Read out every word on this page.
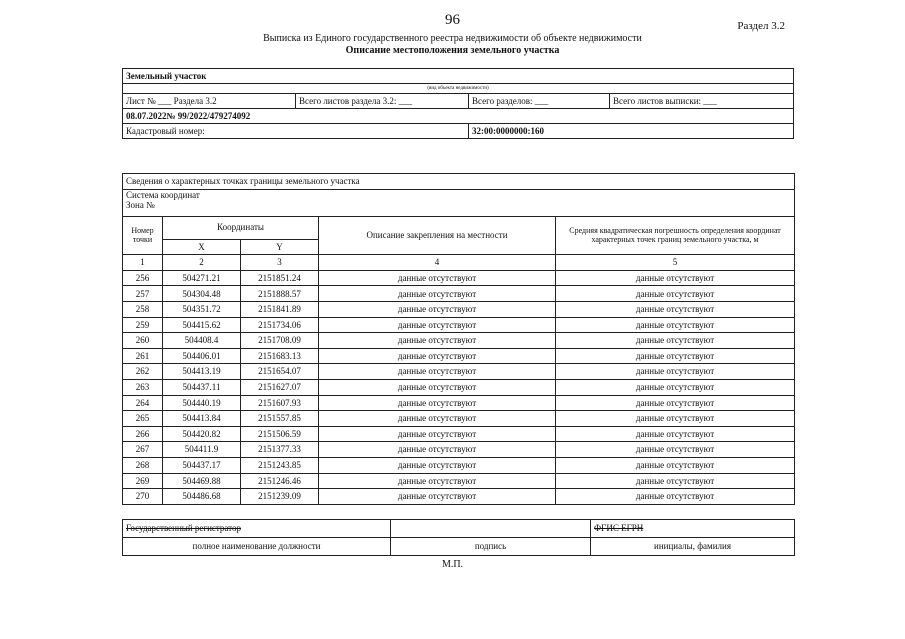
96	Раздел 3.2
Выписка из Единого государственного реестра недвижимости об объекте недвижимости
Описание местоположения земельного участка
Земельный участок			
(вид объекта недвижимости)			
Лист № ___ Раздела 3.2	Всего листов раздела 3.2: ___	Всего разделов: ___	Всего листов выписки: ___
08.07.2022№ 99/2022/479274092			
Кадастровый номер:		32:00:0000000:160	
Сведения о характерных точках границы земельного участка				

Система координат
Зона №				

Номер точки	Координаты		Описание закрепления на местности	Средняя квадратическая погрешность определения координат характерных точек границ земельного участка, м
	X	Y		
1	2	3	4	5
256	504271.21	2151851.24	данные отсутствуют	данные отсутствуют
257	504304.48	2151888.57	данные отсутствуют	данные отсутствуют
258	504351.72	2151841.89	данные отсутствуют	данные отсутствуют
259	504415.62	2151734.06	данные отсутствуют	данные отсутствуют
260	504408.4	2151708.09	данные отсутствуют	данные отсутствуют
261	504406.01	2151683.13	данные отсутствуют	данные отсутствуют
262	504413.19	2151654.07	данные отсутствуют	данные отсутствуют
263	504437.11	2151627.07	данные отсутствуют	данные отсутствуют
264	504440.19	2151607.93	данные отсутствуют	данные отсутствуют
265	504413.84	2151557.85	данные отсутствуют	данные отсутствуют
266	504420.82	2151506.59	данные отсутствуют	данные отсутствуют
267	504411.9	2151377.33	данные отсутствуют	данные отсутствуют
268	504437.17	2151243.85	данные отсутствуют	данные отсутствуют
269	504469.88	2151246.46	данные отсутствуют	данные отсутствуют
270	504486.68	2151239.09	данные отсутствуют	данные отсутствуют
Государственный регистратор		ФГИС ЕГРН
полное наименование должности	подпись	инициалы, фамилия
М.П.
